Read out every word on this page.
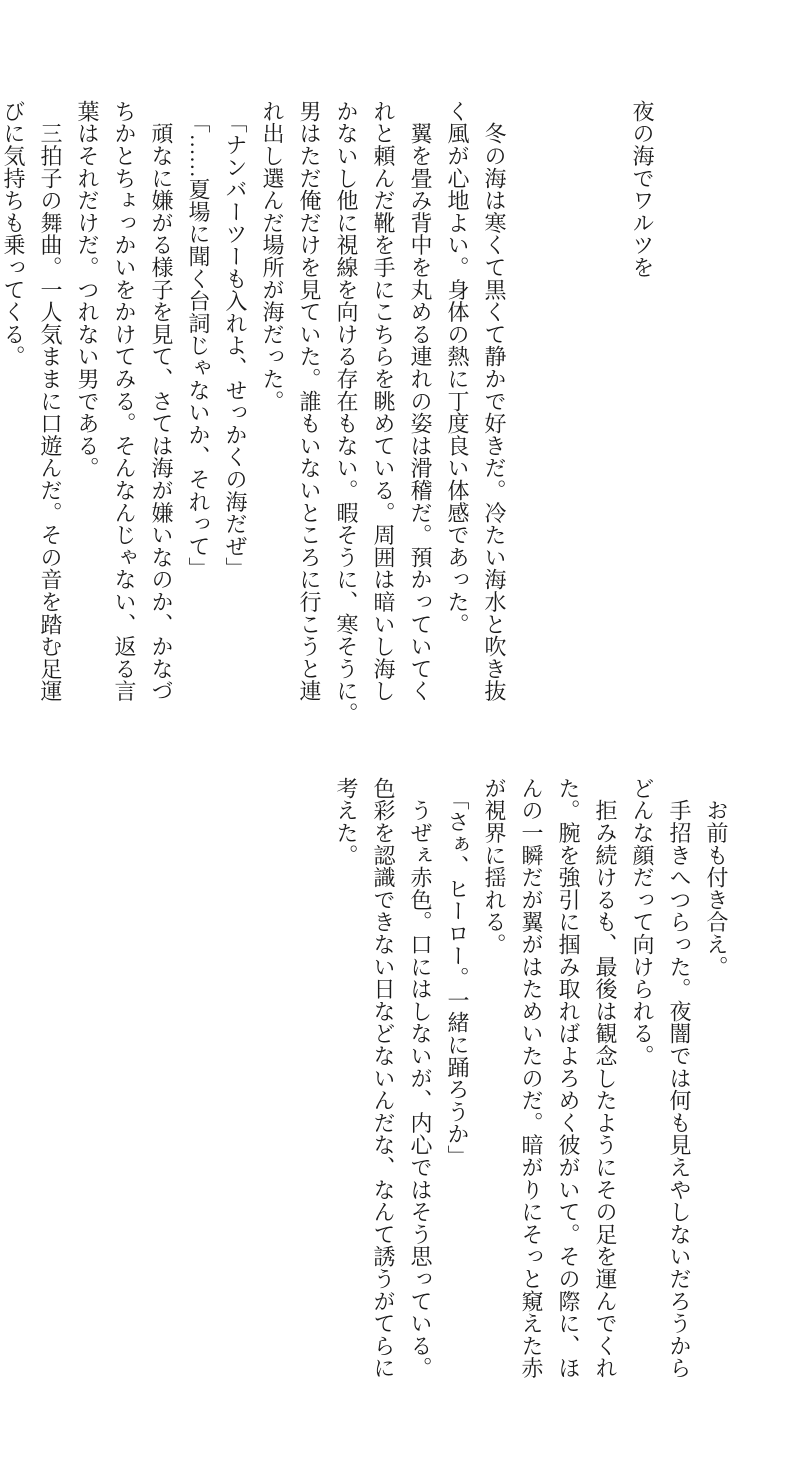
夜の海でワルツを

　冬の海は寒くて黒くて静かで好きだ。冷たい海水と吹き抜
く風が心地よい。身体の熱に丁度良い体感であった。
　翼を畳み背中を丸める連れの姿は滑稽だ。預かっていてく
れと頼んだ靴を手にこちらを眺めている。周囲は暗いし海し
かないし他に視線を向ける存在もない。暇そうに、寒そうに。
男はただ俺だけを見ていた。誰もいないところに行こうと連
れ出し選んだ場所が海だった。
　「ナンバーツーも入れよ、せっかくの海だぜ」
　「……夏場に聞く台詞じゃないか、それって」
　頑なに嫌がる様子を見て、さては海が嫌いなのか、かなづ
ちかとちょっかいをかけてみる。そんなんじゃない、返る言
葉はそれだけだ。つれない男である。
　三拍子の舞曲。一人気ままに口遊んだ。その音を踏む足運
びに気持ちも乗ってくる。
　お前も付き合え。
　手招きへつらった。夜闇では何も見えやしないだろうから
どんな顔だって向けられる。
　拒み続けるも、最後は観念したようにその足を運んでくれ
た。腕を強引に掴み取ればよろめく彼がいて。その際に、ほ
んの一瞬だが翼がはためいたのだ。暗がりにそっと窺えた赤
が視界に揺れる。
　「さぁ、ヒーロー。一緒に踊ろうか」
　うぜぇ赤色。口にはしないが、内心ではそう思っている。
色彩を認識できない日などないんだな、なんて誘うがてらに
考えた。
